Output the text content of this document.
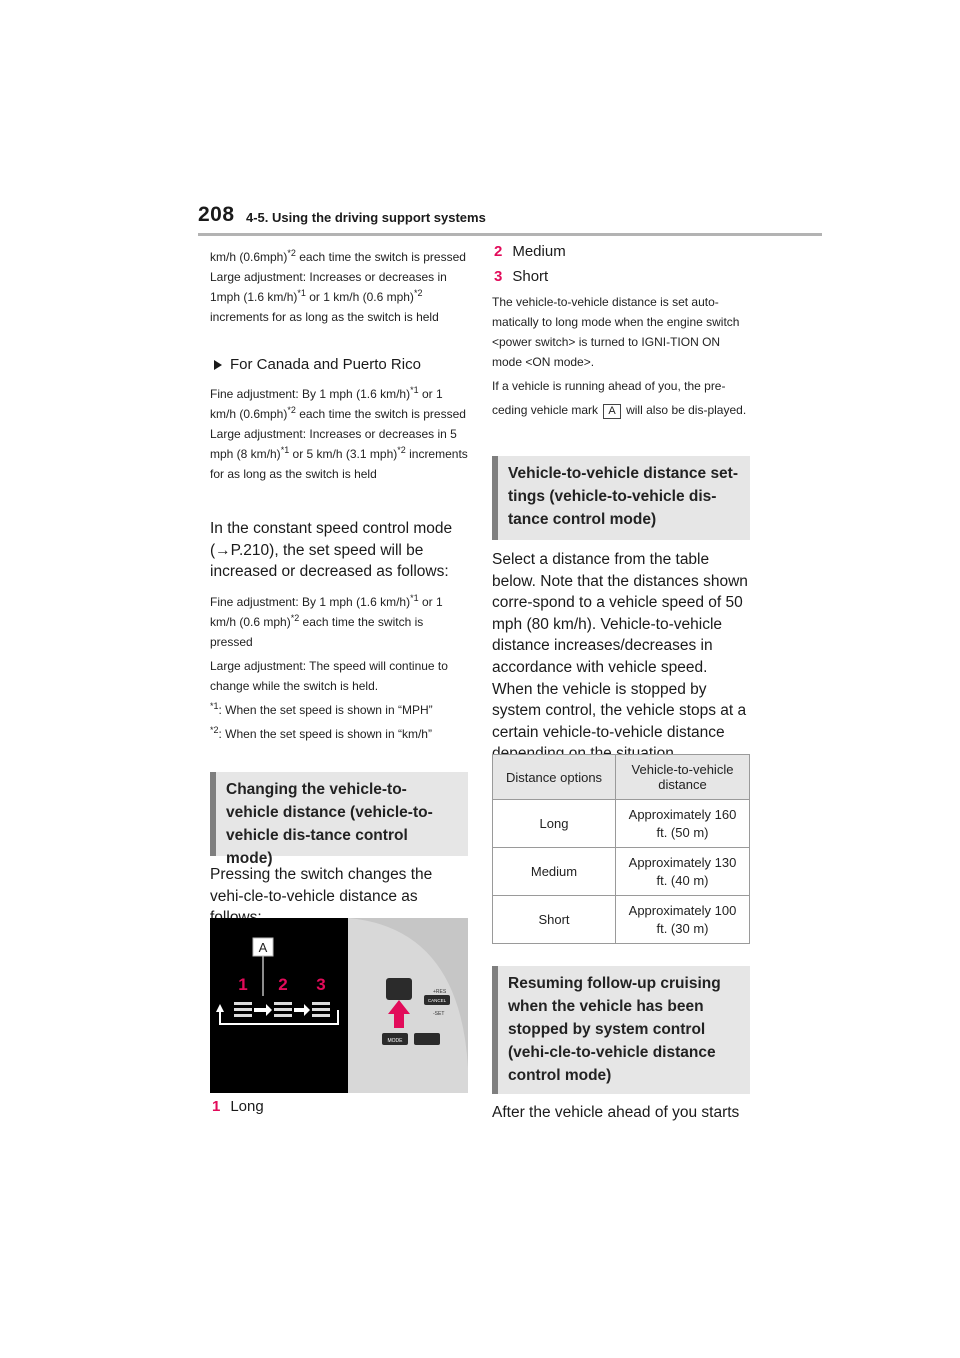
208 4-5. Using the driving support systems

km/h $(0.6mph)^{*2}$ each time the switch is pressed

Large adjustment: Increases or decreases in 1mph (1.6 km/h)$^{*1}$ or 1 km/h (0.6 mph)$^{*2}$ increments for as long as the switch is held

For Canada and Puerto Rico

Fine adjustment: By 1 mph (1.6 km/h)$^{*1}$ or 1 km/h $(0.6mph)^{*2}$ each time the switch is pressed

Large adjustment: Increases or decreases in 5 mph (8 km/h)$^{*1}$ or 5 km/h (3.1 mph)$^{*2}$ increments for as long as the switch is held

In the constant speed control mode (→P.210), the set speed will be increased or decreased as follows:

Fine adjustment: By 1 mph (1.6 km/h)$^{*1}$ or 1 km/h (0.6 mph)$^{*2}$ each time the switch is pressed

Large adjustment: The speed will continue to change while the switch is held.

$^{*1}$: When the set speed is shown in “MPH”

$^{*2}$: When the set speed is shown in “km/h”

Changing the vehicle-to-vehicle distance (vehicle-to-vehicle dis-tance control mode)

Pressing the switch changes the vehi-cle-to-vehicle distance as

A
1 2 3	+RES
CANCEL
-SET
MODE
1 Long
2 Medium
3 Short

The vehicle-to-vehicle distance is set auto-matically to long mode when the engine switch <power switch> is turned to IGNI-TION ON mode <ON mode>.

If a vehicle is running ahead of you, the pre-ceding vehicle mark A will also be dis-played.

Vehicle-to-vehicle distance set-tings (vehicle-to-vehicle dis-tance control mode)

Select a distance from the table below. Note that the distances shown corre-spond to a vehicle speed of 50 mph (80 km/h). Vehicle-to-vehicle distance increases/decreases in accordance with vehicle speed. When the vehicle is stopped by system control, the vehicle stops at a certain vehicle-to-vehicle distance

Distance options	Vehicle-to-vehicle distance
Long	Approximately 160 ft. (50 m)
Medium	Approximately 130 ft. (40 m)
Short	Approximately 100 ft. (30 m)
Resuming follow-up cruising when the vehicle has been stopped by system control (vehi-cle-to-vehicle distance control mode)

After the vehicle ahead of you starts
